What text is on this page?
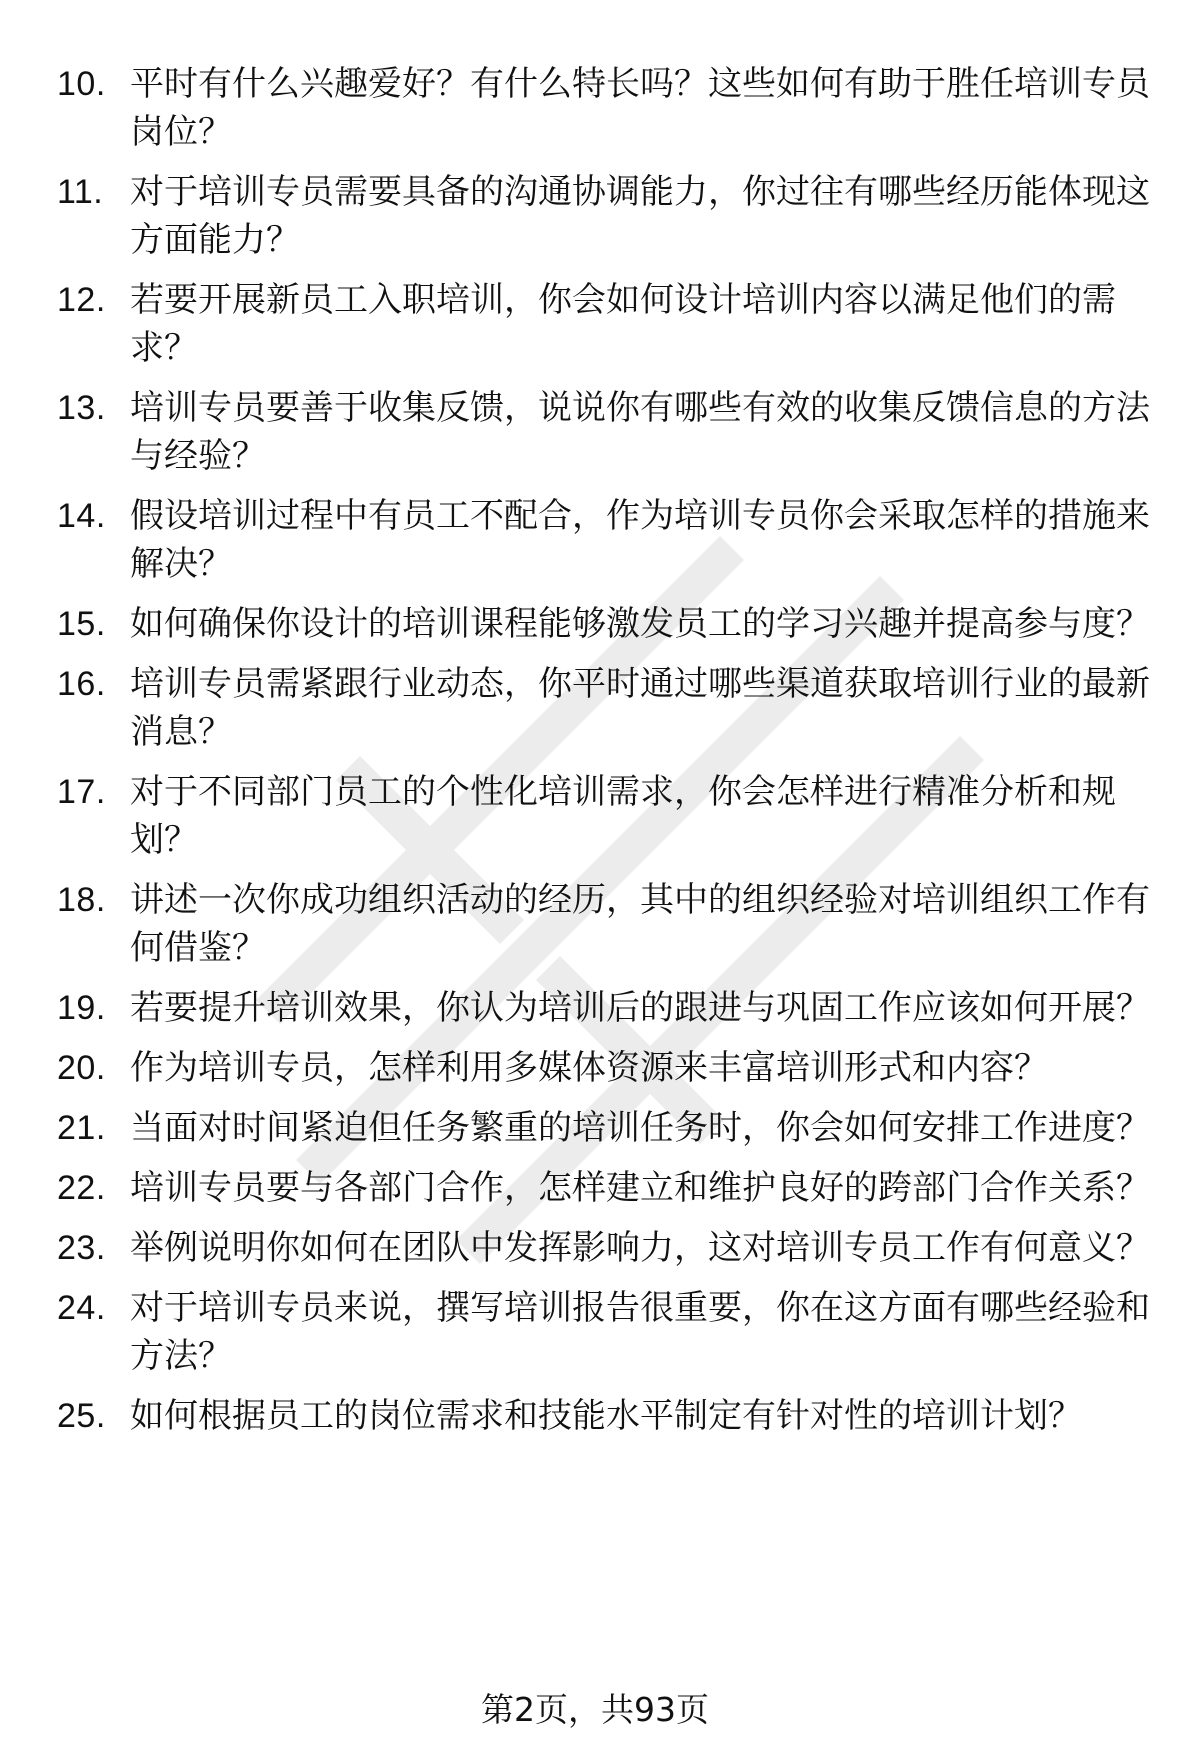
10. 平时有什么兴趣爱好？有什么特长吗？这些如何有助于胜任培训专员岗位？
11. 对于培训专员需要具备的沟通协调能力，你过往有哪些经历能体现这方面能力？
12. 若要开展新员工入职培训，你会如何设计培训内容以满足他们的需求？
13. 培训专员要善于收集反馈，说说你有哪些有效的收集反馈信息的方法与经验？
14. 假设培训过程中有员工不配合，作为培训专员你会采取怎样的措施来解决？
15. 如何确保你设计的培训课程能够激发员工的学习兴趣并提高参与度？
16. 培训专员需紧跟行业动态，你平时通过哪些渠道获取培训行业的最新消息？
17. 对于不同部门员工的个性化培训需求，你会怎样进行精准分析和规划？
18. 讲述一次你成功组织活动的经历，其中的组织经验对培训组织工作有何借鉴？
19. 若要提升培训效果，你认为培训后的跟进与巩固工作应该如何开展？
20. 作为培训专员，怎样利用多媒体资源来丰富培训形式和内容？
21. 当面对时间紧迫但任务繁重的培训任务时，你会如何安排工作进度？
22. 培训专员要与各部门合作，怎样建立和维护良好的跨部门合作关系？
23. 举例说明你如何在团队中发挥影响力，这对培训专员工作有何意义？
24. 对于培训专员来说，撰写培训报告很重要，你在这方面有哪些经验和方法？
25. 如何根据员工的岗位需求和技能水平制定有针对性的培训计划？
第2页，共93页
